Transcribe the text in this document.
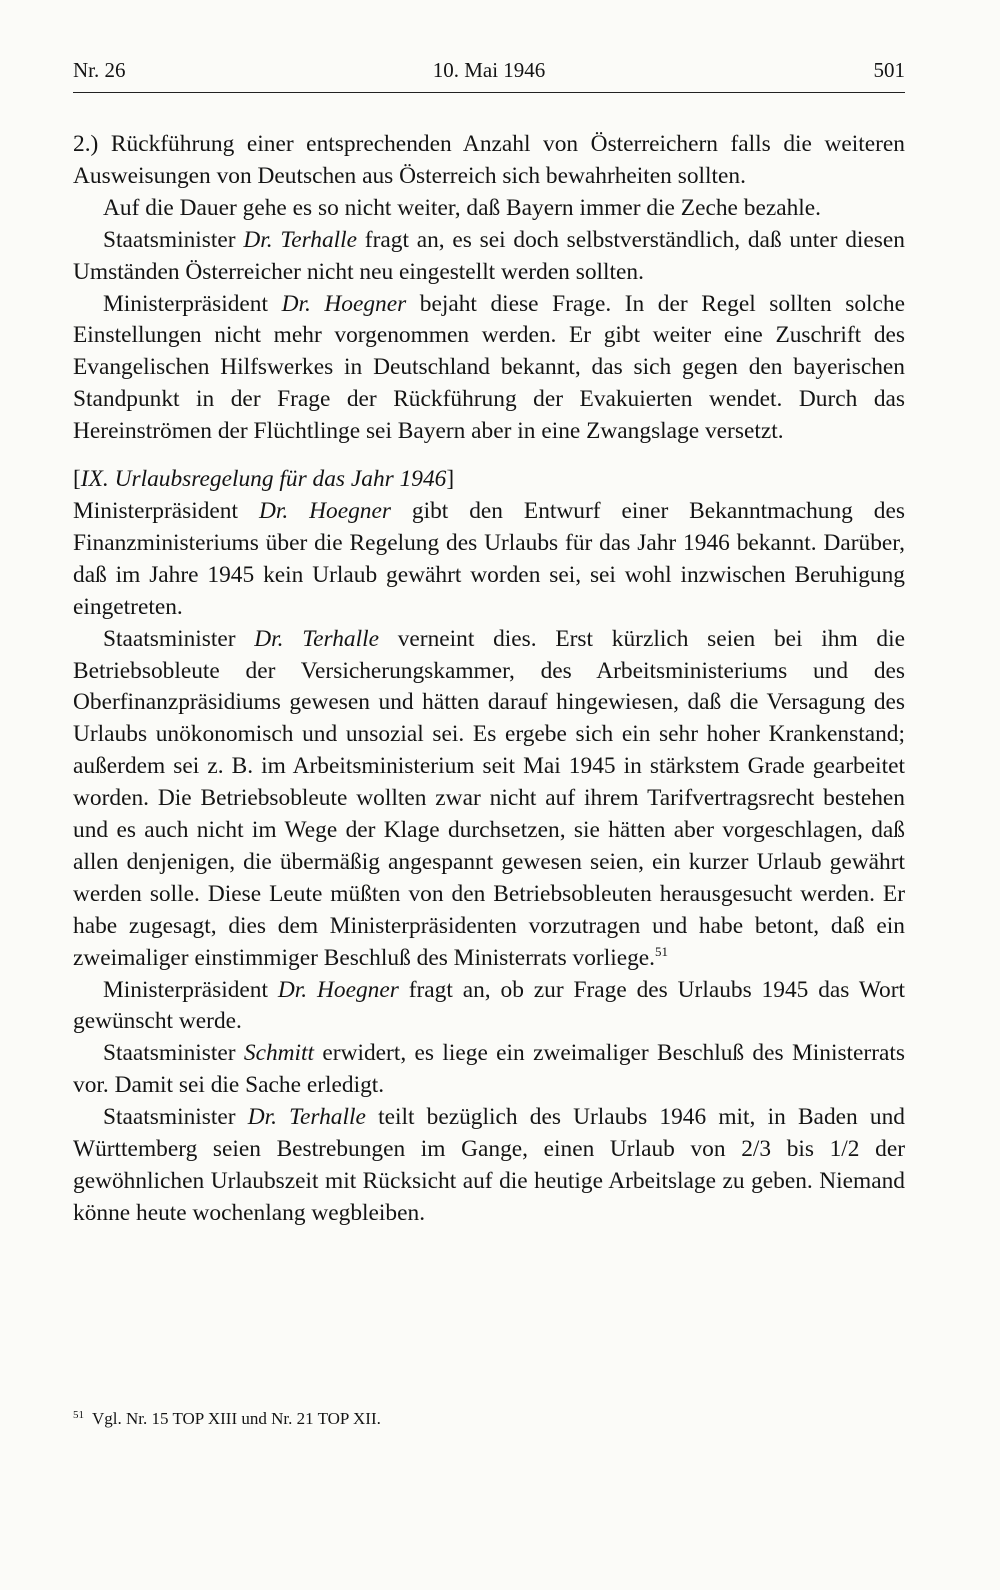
Nr. 26	10. Mai 1946	501

2.) Rückführung einer entsprechenden Anzahl von Österreichern falls die weiteren Ausweisungen von Deutschen aus Österreich sich bewahrheiten sollten.

Auf die Dauer gehe es so nicht weiter, daß Bayern immer die Zeche bezahle.

Staatsminister Dr. Terhalle fragt an, es sei doch selbstverständlich, daß unter diesen Umständen Österreicher nicht neu eingestellt werden sollten.

Ministerpräsident Dr. Hoegner bejaht diese Frage. In der Regel sollten solche Einstellungen nicht mehr vorgenommen werden. Er gibt weiter eine Zuschrift des Evangelischen Hilfswerkes in Deutschland bekannt, das sich gegen den bayerischen Standpunkt in der Frage der Rückführung der Evakuierten wendet. Durch das Hereinströmen der Flüchtlinge sei Bayern aber in eine Zwangslage versetzt.

[IX. Urlaubsregelung für das Jahr 1946]

Ministerpräsident Dr. Hoegner gibt den Entwurf einer Bekanntmachung des Finanzministeriums über die Regelung des Urlaubs für das Jahr 1946 bekannt. Darüber, daß im Jahre 1945 kein Urlaub gewährt worden sei, sei wohl inzwischen Beruhigung eingetreten.

Staatsminister Dr. Terhalle verneint dies. Erst kürzlich seien bei ihm die Betriebsobleute der Versicherungskammer, des Arbeitsministeriums und des Oberfinanzpräsidiums gewesen und hätten darauf hingewiesen, daß die Versagung des Urlaubs unökonomisch und unsozial sei. Es ergebe sich ein sehr hoher Krankenstand; außerdem sei z. B. im Arbeitsministerium seit Mai 1945 in stärkstem Grade gearbeitet worden. Die Betriebsobleute wollten zwar nicht auf ihrem Tarifvertragsrecht bestehen und es auch nicht im Wege der Klage durchsetzen, sie hätten aber vorgeschlagen, daß allen denjenigen, die übermäßig angespannt gewesen seien, ein kurzer Urlaub gewährt werden solle. Diese Leute müßten von den Betriebsobleuten herausgesucht werden. Er habe zugesagt, dies dem Ministerpräsidenten vorzutragen und habe betont, daß ein zweimaliger einstimmiger Beschluß des Ministerrats vorliege.$^{51}$

Ministerpräsident Dr. Hoegner fragt an, ob zur Frage des Urlaubs 1945 das Wort gewünscht werde.

Staatsminister Schmitt erwidert, es liege ein zweimaliger Beschluß des Ministerrats vor. Damit sei die Sache erledigt.

Staatsminister Dr. Terhalle teilt bezüglich des Urlaubs 1946 mit, in Baden und Württemberg seien Bestrebungen im Gange, einen Urlaub von 2/3 bis 1/2 der gewöhnlichen Urlaubszeit mit Rücksicht auf die heutige Arbeitslage zu geben. Niemand könne heute wochenlang wegbleiben.

$^{51}$ Vgl. Nr. 15 TOP XIII und Nr. 21 TOP XII.
